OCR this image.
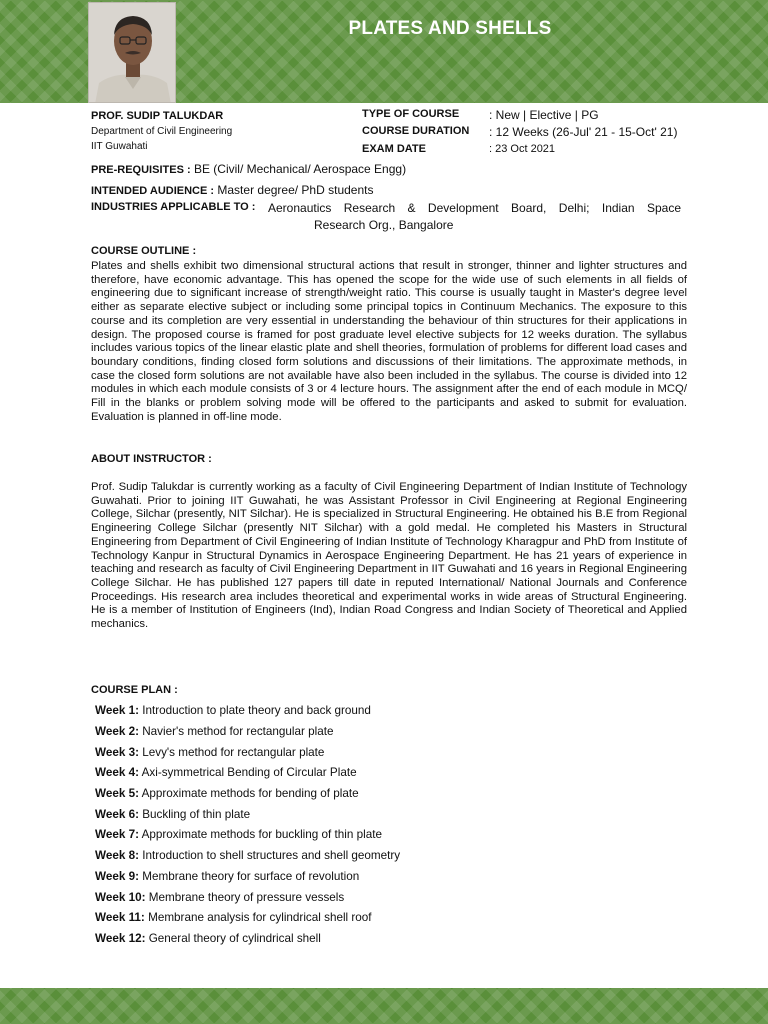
PLATES AND SHELLS
PROF. SUDIP TALUKDAR
Department of Civil Engineering
IIT Guwahati
TYPE OF COURSE : New | Elective | PG
COURSE DURATION : 12 Weeks (26-Jul' 21 - 15-Oct' 21)
EXAM DATE	: 23 Oct 2021
PRE-REQUISITES : BE (Civil/ Mechanical/ Aerospace Engg)
INTENDED AUDIENCE : Master degree/ PhD students
INDUSTRIES APPLICABLE TO : Aeronautics Research & Development Board, Delhi; Indian Space
Research Org., Bangalore
COURSE OUTLINE :
Plates and shells exhibit two dimensional structural actions that result in stronger, thinner and lighter structures and therefore, have economic advantage. This has opened the scope for the wide use of such elements in all fields of engineering due to significant increase of strength/weight ratio. This course is usually taught in Master's degree level either as separate elective subject or including some principal topics in Continuum Mechanics. The exposure to this course and its completion are very essential in understanding the behaviour of thin structures for their applications in design. The proposed course is framed for post graduate level elective subjects for 12 weeks duration. The syllabus includes various topics of the linear elastic plate and shell theories, formulation of problems for different load cases and boundary conditions, finding closed form solutions and discussions of their limitations. The approximate methods, in case the closed form solutions are not available have also been included in the syllabus. The course is divided into 12 modules in which each module consists of 3 or 4 lecture hours. The assignment after the end of each module in MCQ/ Fill in the blanks or problem solving mode will be offered to the participants and asked to submit for evaluation. Evaluation is planned in off-line mode.
ABOUT INSTRUCTOR :
Prof. Sudip Talukdar is currently working as a faculty of Civil Engineering Department of Indian Institute of Technology Guwahati. Prior to joining IIT Guwahati, he was Assistant Professor in Civil Engineering at Regional Engineering College, Silchar (presently, NIT Silchar). He is specialized in Structural Engineering. He obtained his B.E from Regional Engineering College Silchar (presently NIT Silchar) with a gold medal. He completed his Masters in Structural Engineering from Department of Civil Engineering of Indian Institute of Technology Kharagpur and PhD from Institute of Technology Kanpur in Structural Dynamics in Aerospace Engineering Department. He has 21 years of experience in teaching and research as faculty of Civil Engineering Department in IIT Guwahati and 16 years in Regional Engineering College Silchar. He has published 127 papers till date in reputed International/ National Journals and Conference Proceedings. His research area includes theoretical and experimental works in wide areas of Structural Engineering. He is a member of Institution of Engineers (Ind), Indian Road Congress and Indian Society of Theoretical and Applied mechanics.
COURSE PLAN :
Week 1: Introduction to plate theory and back ground
Week 2: Navier's method for rectangular plate
Week 3: Levy's method for rectangular plate
Week 4: Axi-symmetrical Bending of Circular Plate
Week 5: Approximate methods for bending of plate
Week 6: Buckling of thin plate
Week 7: Approximate methods for buckling of thin plate
Week 8: Introduction to shell structures and shell geometry
Week 9: Membrane theory for surface of revolution
Week 10: Membrane theory of pressure vessels
Week 11: Membrane analysis for cylindrical shell roof
Week 12: General theory of cylindrical shell
